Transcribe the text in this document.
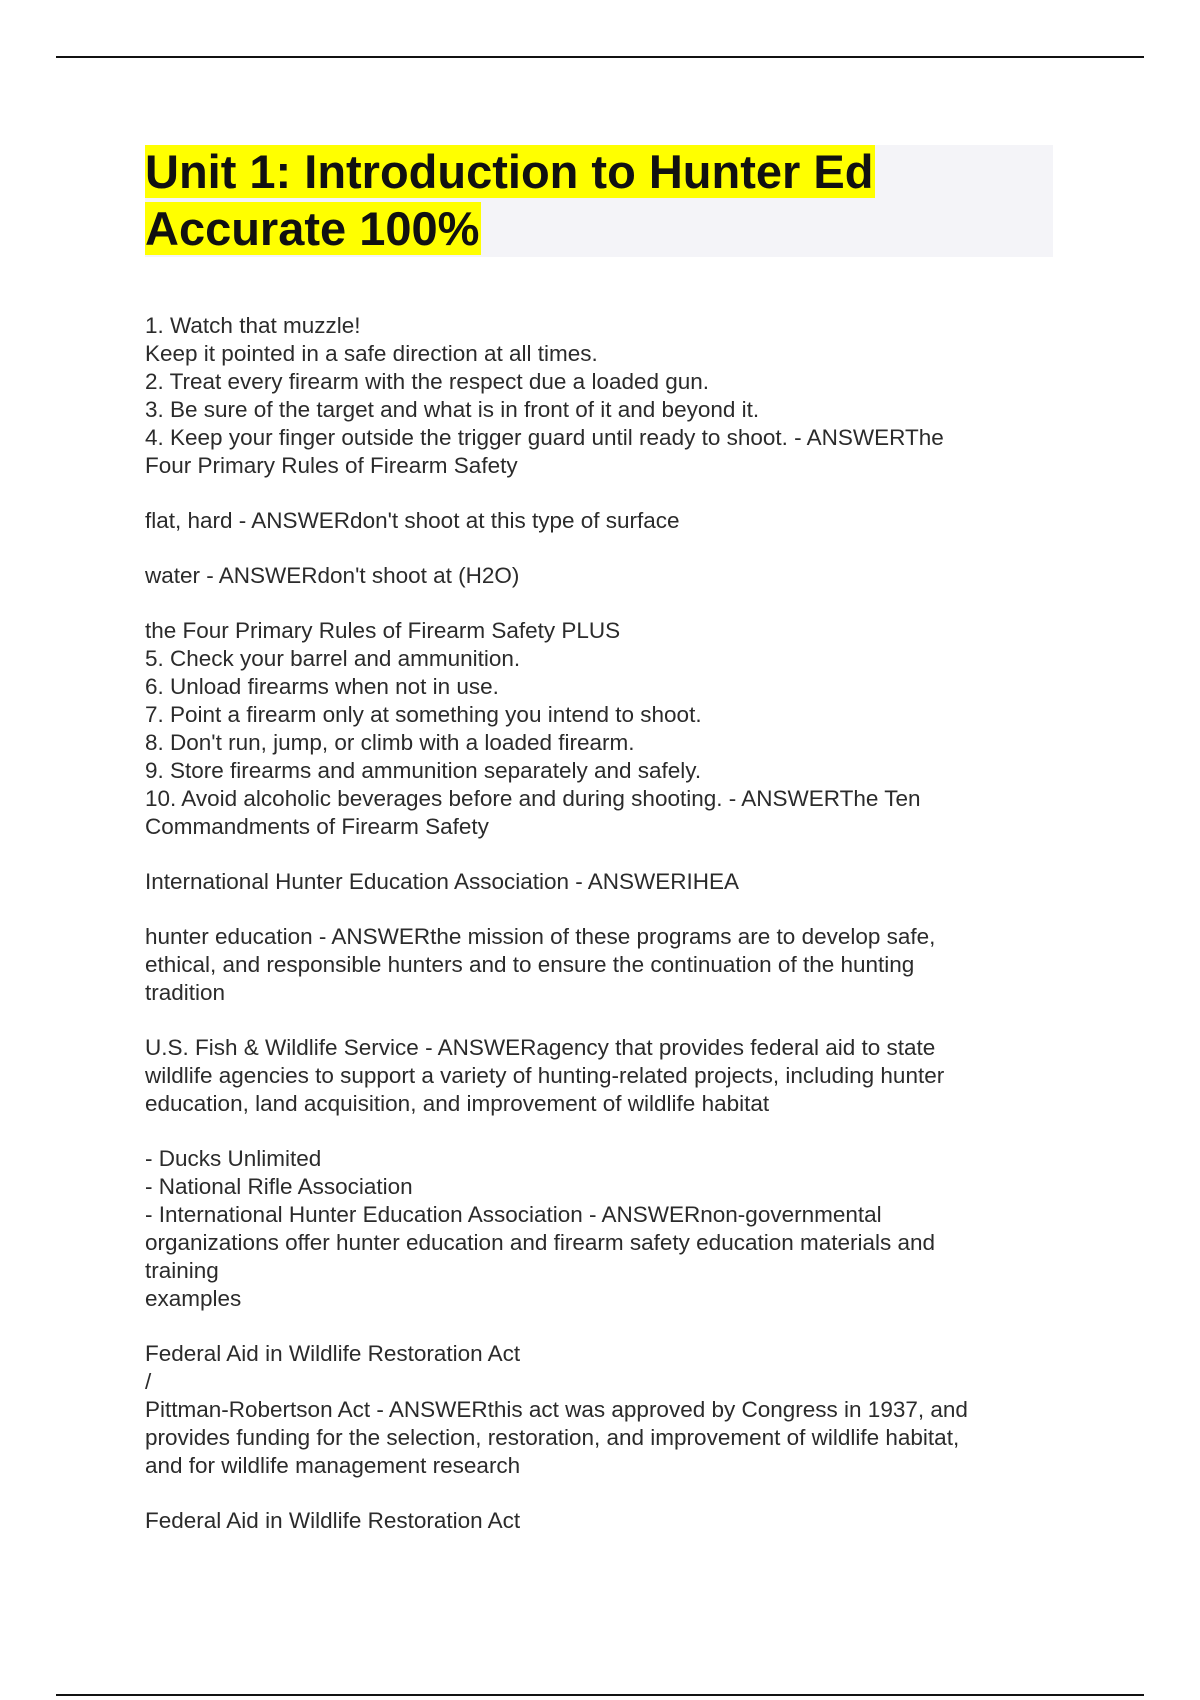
Unit 1: Introduction to Hunter Ed
Accurate 100%
1. Watch that muzzle!
Keep it pointed in a safe direction at all times.
2. Treat every firearm with the respect due a loaded gun.
3. Be sure of the target and what is in front of it and beyond it.
4. Keep your finger outside the trigger guard until ready to shoot. - ANSWERThe
Four Primary Rules of Firearm Safety
flat, hard - ANSWERdon't shoot at this type of surface
water - ANSWERdon't shoot at (H2O)
the Four Primary Rules of Firearm Safety PLUS
5. Check your barrel and ammunition.
6. Unload firearms when not in use.
7. Point a firearm only at something you intend to shoot.
8. Don't run, jump, or climb with a loaded firearm.
9. Store firearms and ammunition separately and safely.
10. Avoid alcoholic beverages before and during shooting. - ANSWERThe Ten
Commandments of Firearm Safety
International Hunter Education Association - ANSWERIHEA
hunter education - ANSWERthe mission of these programs are to develop safe,
ethical, and responsible hunters and to ensure the continuation of the hunting
tradition
U.S. Fish & Wildlife Service - ANSWERagency that provides federal aid to state
wildlife agencies to support a variety of hunting-related projects, including hunter
education, land acquisition, and improvement of wildlife habitat
- Ducks Unlimited
- National Rifle Association
- International Hunter Education Association - ANSWERnon-governmental
organizations offer hunter education and firearm safety education materials and
training
examples
Federal Aid in Wildlife Restoration Act
/
Pittman-Robertson Act - ANSWERthis act was approved by Congress in 1937, and
provides funding for the selection, restoration, and improvement of wildlife habitat,
and for wildlife management research
Federal Aid in Wildlife Restoration Act
